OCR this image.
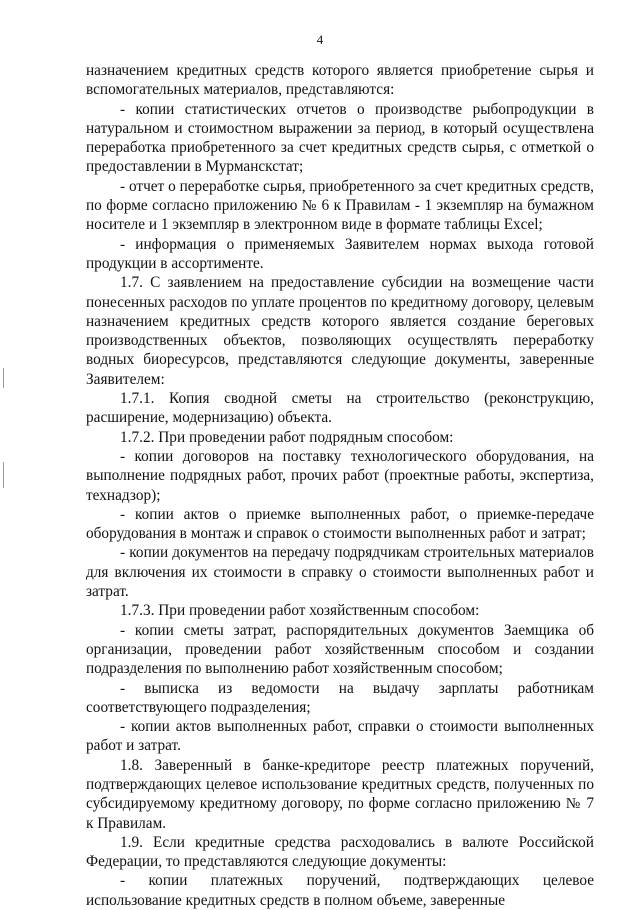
4

назначением кредитных средств которого является приобретение сырья и вспомогательных материалов, представляются:

- копии статистических отчетов о производстве рыбопродукции в натуральном и стоимостном выражении за период, в который осуществлена переработка приобретенного за счет кредитных средств сырья, с отметкой о предоставлении в Мурманскстат;

- отчет о переработке сырья, приобретенного за счет кредитных средств, по форме согласно приложению № 6 к Правилам - 1 экземпляр на бумажном носителе и 1 экземпляр в электронном виде в формате таблицы Excel;

- информация о применяемых Заявителем нормах выхода готовой продукции в ассортименте.

1.7. С заявлением на предоставление субсидии на возмещение части понесенных расходов по уплате процентов по кредитному договору, целевым назначением кредитных средств которого является создание береговых производственных объектов, позволяющих осуществлять переработку водных биоресурсов, представляются следующие документы, заверенные Заявителем:

1.7.1. Копия сводной сметы на строительство (реконструкцию, расширение, модернизацию) объекта.

1.7.2. При проведении работ подрядным способом:

- копии договоров на поставку технологического оборудования, на выполнение подрядных работ, прочих работ (проектные работы, экспертиза, технадзор);

- копии актов о приемке выполненных работ, о приемке-передаче оборудования в монтаж и справок о стоимости выполненных работ и затрат;

- копии документов на передачу подрядчикам строительных материалов для включения их стоимости в справку о стоимости выполненных работ и затрат.

1.7.3. При проведении работ хозяйственным способом:

- копии сметы затрат, распорядительных документов Заемщика об организации, проведении работ хозяйственным способом и создании подразделения по выполнению работ хозяйственным способом;

- выписка из ведомости на выдачу зарплаты работникам соответствующего подразделения;

- копии актов выполненных работ, справки о стоимости выполненных работ и затрат.

1.8. Заверенный в банке-кредиторе реестр платежных поручений, подтверждающих целевое использование кредитных средств, полученных по субсидируемому кредитному договору, по форме согласно приложению № 7 к Правилам.

1.9. Если кредитные средства расходовались в валюте Российской Федерации, то представляются следующие документы:

- копии платежных поручений, подтверждающих целевое использование кредитных средств в полном объеме, заверенные
